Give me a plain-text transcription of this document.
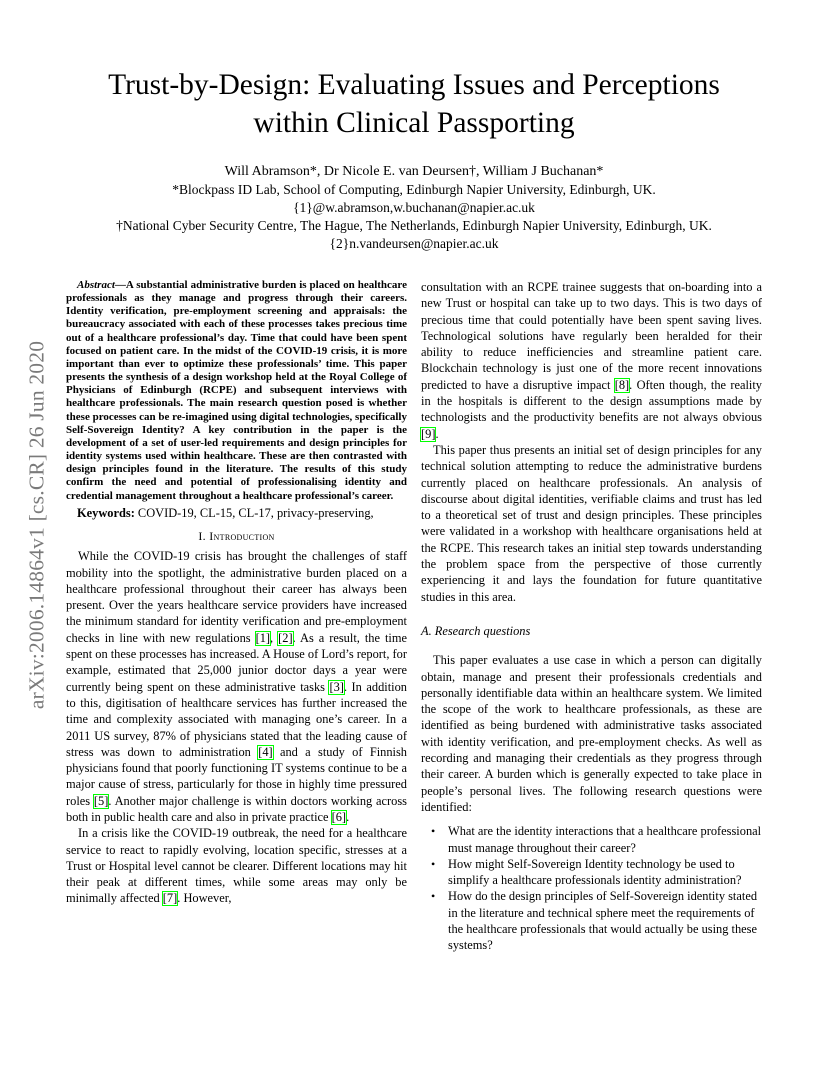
arXiv:2006.14864v1 [cs.CR] 26 Jun 2020
Trust-by-Design: Evaluating Issues and Perceptions
within Clinical Passporting
Will Abramson*, Dr Nicole E. van Deursen†, William J Buchanan*
*Blockpass ID Lab, School of Computing, Edinburgh Napier University, Edinburgh, UK.
{1}@w.abramson,w.buchanan@napier.ac.uk
†National Cyber Security Centre, The Hague, The Netherlands, Edinburgh Napier University, Edinburgh, UK.
{2}n.vandeursen@napier.ac.uk

Abstract—A substantial administrative burden is placed on healthcare professionals as they manage and progress through their careers. Identity verification, pre-employment screening and appraisals: the bureaucracy associated with each of these processes takes precious time out of a healthcare professional’s day. Time that could have been spent focused on patient care. In the midst of the COVID-19 crisis, it is more important than ever to optimize these professionals’ time. This paper presents the synthesis of a design workshop held at the Royal College of Physicians of Edinburgh (RCPE) and subsequent interviews with healthcare professionals. The main research question posed is whether these processes can be re-imagined using digital technologies, specifically Self-Sovereign Identity? A key contribution in the paper is the development of a set of user-led requirements and design principles for identity systems used within healthcare. These are then contrasted with design principles found in the literature. The results of this study confirm the need and potential of professionalising identity and credential management throughout a healthcare professional’s career.

Keywords: COVID-19, CL-15, CL-17, privacy-preserving,

I. Introduction

While the COVID-19 crisis has brought the challenges of staff mobility into the spotlight, the administrative burden placed on a healthcare professional throughout their career has always been present. Over the years healthcare service providers have increased the minimum standard for identity verification and pre-employment checks in line with new regulations [1], [2]. As a result, the time spent on these processes has increased. A House of Lord’s report, for example, estimated that 25,000 junior doctor days a year were currently being spent on these administrative tasks [3]. In addition to this, digitisation of healthcare services has further increased the time and complexity associated with managing one’s career. In a 2011 US survey, 87% of physicians stated that the leading cause of stress was down to administration [4] and a study of Finnish physicians found that poorly functioning IT systems continue to be a major cause of stress, particularly for those in highly time pressured roles [5]. Another major challenge is within doctors working across both in public health care and also in private practice [6].

In a crisis like the COVID-19 outbreak, the need for a healthcare service to react to rapidly evolving, location specific, stresses at a Trust or Hospital level cannot be clearer. Different locations may hit their peak at different times, while some areas may only be minimally affected [7]. However,

consultation with an RCPE trainee suggests that on-boarding into a new Trust or hospital can take up to two days. This is two days of precious time that could potentially have been spent saving lives. Technological solutions have regularly been heralded for their ability to reduce inefficiencies and streamline patient care. Blockchain technology is just one of the more recent innovations predicted to have a disruptive impact [8]. Often though, the reality in the hospitals is different to the design assumptions made by technologists and the productivity benefits are not always obvious [9].

This paper thus presents an initial set of design principles for any technical solution attempting to reduce the administrative burdens currently placed on healthcare professionals. An analysis of discourse about digital identities, verifiable claims and trust has led to a theoretical set of trust and design principles. These principles were validated in a workshop with healthcare organisations held at the RCPE. This research takes an initial step towards understanding the problem space from the perspective of those currently experiencing it and lays the foundation for future quantitative studies in this area.

A. Research questions

This paper evaluates a use case in which a person can digitally obtain, manage and present their professionals credentials and personally identifiable data within an healthcare system. We limited the scope of the work to healthcare professionals, as these are identified as being burdened with administrative tasks associated with identity verification, and pre-employment checks. As well as recording and managing their credentials as they progress through their career. A burden which is generally expected to take place in people’s personal lives. The following research questions were identified:

• What are the identity interactions that a healthcare professional must manage throughout their career?
• How might Self-Sovereign Identity technology be used to simplify a healthcare professionals identity administration?
• How do the design principles of Self-Sovereign identity stated in the literature and technical sphere meet the requirements of the healthcare professionals that would actually be using these systems?
